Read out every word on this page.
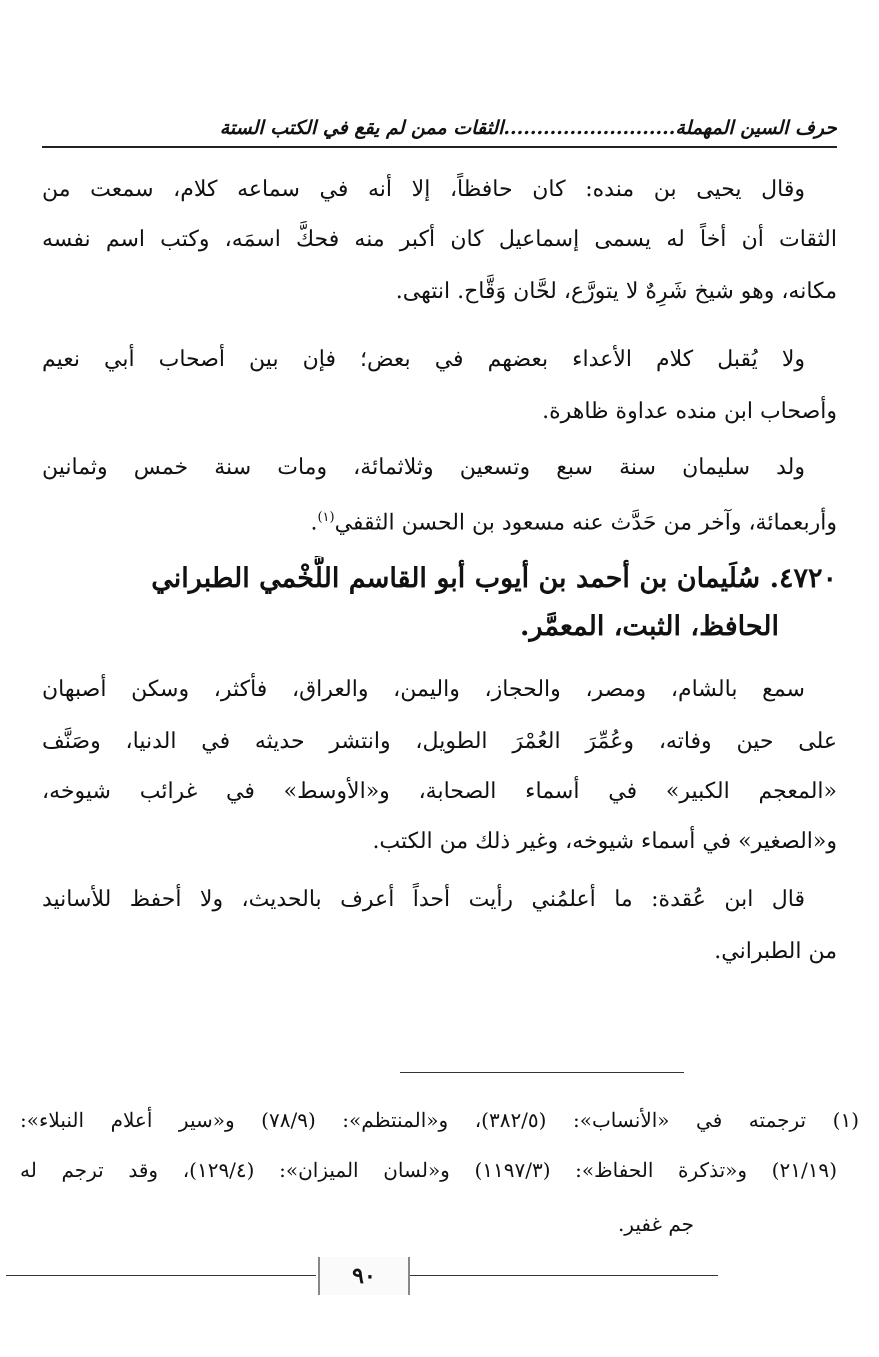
حرف السين المهملة..........................الثقات ممن لم يقع في الكتب الستة
وقال يحيى بن منده: كان حافظاً، إلا أنه في سماعه كلام، سمعت من
الثقات أن أخاً له يسمى إسماعيل كان أكبر منه فحكَّ اسمَه، وكتب اسم نفسه
مكانه، وهو شيخ شَرِهٌ لا يتورَّع، لحَّان وَقَّاح. انتهى.
ولا يُقبل كلام الأعداء بعضهم في بعض؛ فإن بين أصحاب أبي نعيم
وأصحاب ابن منده عداوة ظاهرة.
ولد سليمان سنة سبع وتسعين وثلاثمائة، ومات سنة خمس وثمانين
وأربعمائة، وآخر من حَدَّث عنه مسعود بن الحسن الثقفي$^{(١)}$.
٤٧٢٠. سُلَيمان بن أحمد بن أيوب أبو القاسم اللَّخْمي الطبراني
الحافظ، الثبت، المعمَّر.
سمع بالشام، ومصر، والحجاز، واليمن، والعراق، فأكثر، وسكن أصبهان
على حين وفاته، وعُمِّرَ العُمْرَ الطويل، وانتشر حديثه في الدنيا، وصَنَّف
«المعجم الكبير» في أسماء الصحابة، و«الأوسط» في غرائب شيوخه،
و«الصغير» في أسماء شيوخه، وغير ذلك من الكتب.
قال ابن عُقدة: ما أعلمُني رأيت أحداً أعرف بالحديث، ولا أحفظ للأسانيد
من الطبراني.
(١) ترجمته في «الأنساب»: (٣٨٢/٥)، و«المنتظم»: (٧٨/٩) و«سير أعلام النبلاء»:
(٢١/١٩) و«تذكرة الحفاظ»: (١١٩٧/٣) و«لسان الميزان»: (١٢٩/٤)، وقد ترجم له
جم غفير.
٩٠
